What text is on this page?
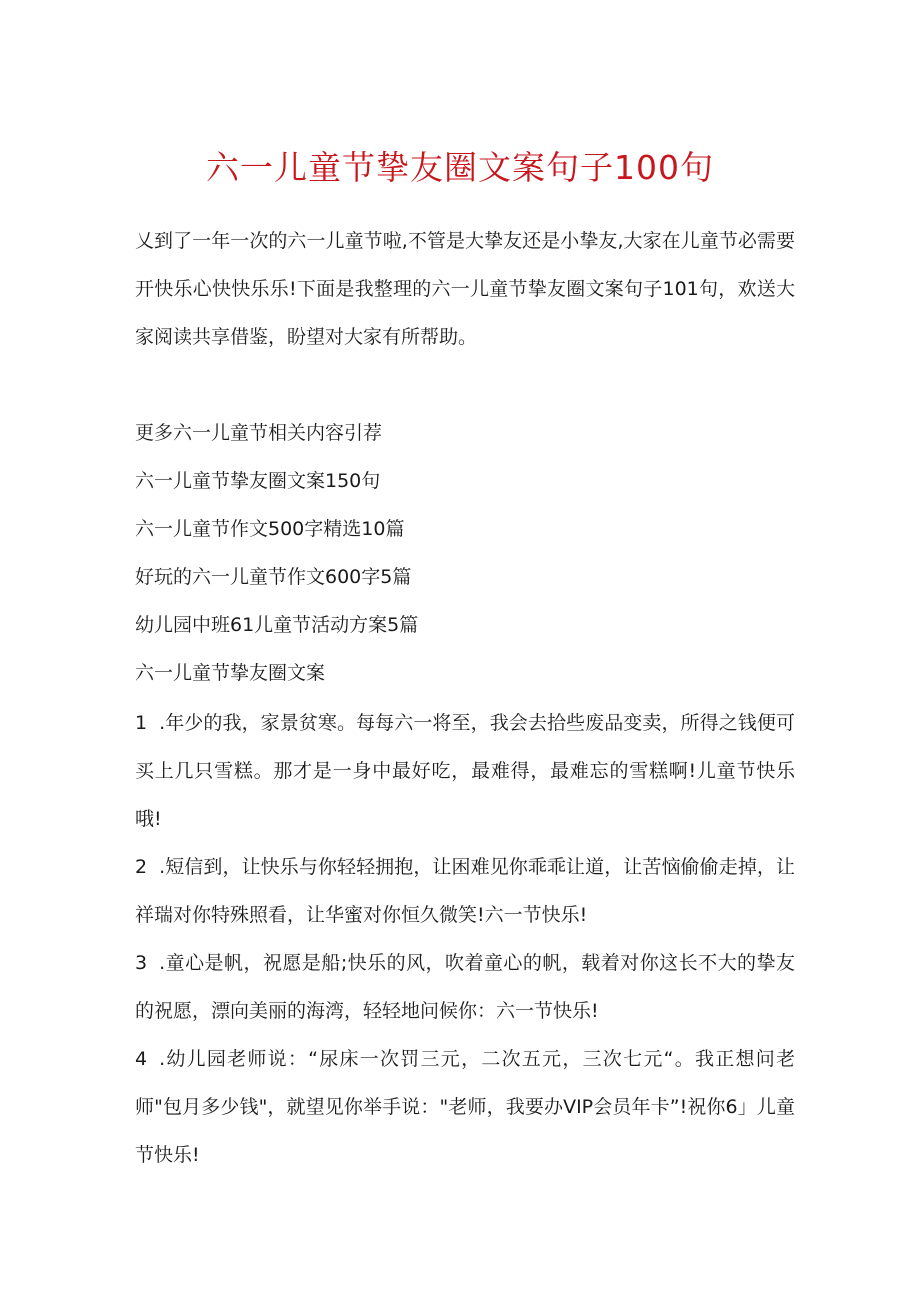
六一儿童节挚友圈文案句子100句

乂到了一年一次的六一儿童节啦,不管是大挚友还是小挚友,大家在儿童节必需要开快乐心快快乐乐!下面是我整理的六一儿童节挚友圈文案句子101句，欢送大家阅读共享借鉴，盼望对大家有所帮助。

更多六一儿童节相关内容引荐

六一儿童节挚友圈文案150句

六一儿童节作文500字精选10篇

好玩的六一儿童节作文600字5篇

幼儿园中班61儿童节活动方案5篇

六一儿童节挚友圈文案

1 .年少的我，家景贫寒。每每六一将至，我会去拾些废品变卖，所得之钱便可买上几只雪糕。那才是一身中最好吃，最难得，最难忘的雪糕啊!儿童节快乐哦!

2 .短信到，让快乐与你轻轻拥抱，让困难见你乖乖让道，让苦恼偷偷走掉，让祥瑞对你特殊照看，让华蜜对你恒久微笑!六一节快乐!

3 .童心是帆，祝愿是船;快乐的风，吹着童心的帆，载着对你这长不大的挚友的祝愿，漂向美丽的海湾，轻轻地问候你：六一节快乐!

4 .幼儿园老师说：“尿床一次罚三元，二次五元，三次七元“。我正想问老师"包月多少钱"，就望见你举手说："老师，我要办VIP会员年卡”!祝你6」儿童节快乐!
